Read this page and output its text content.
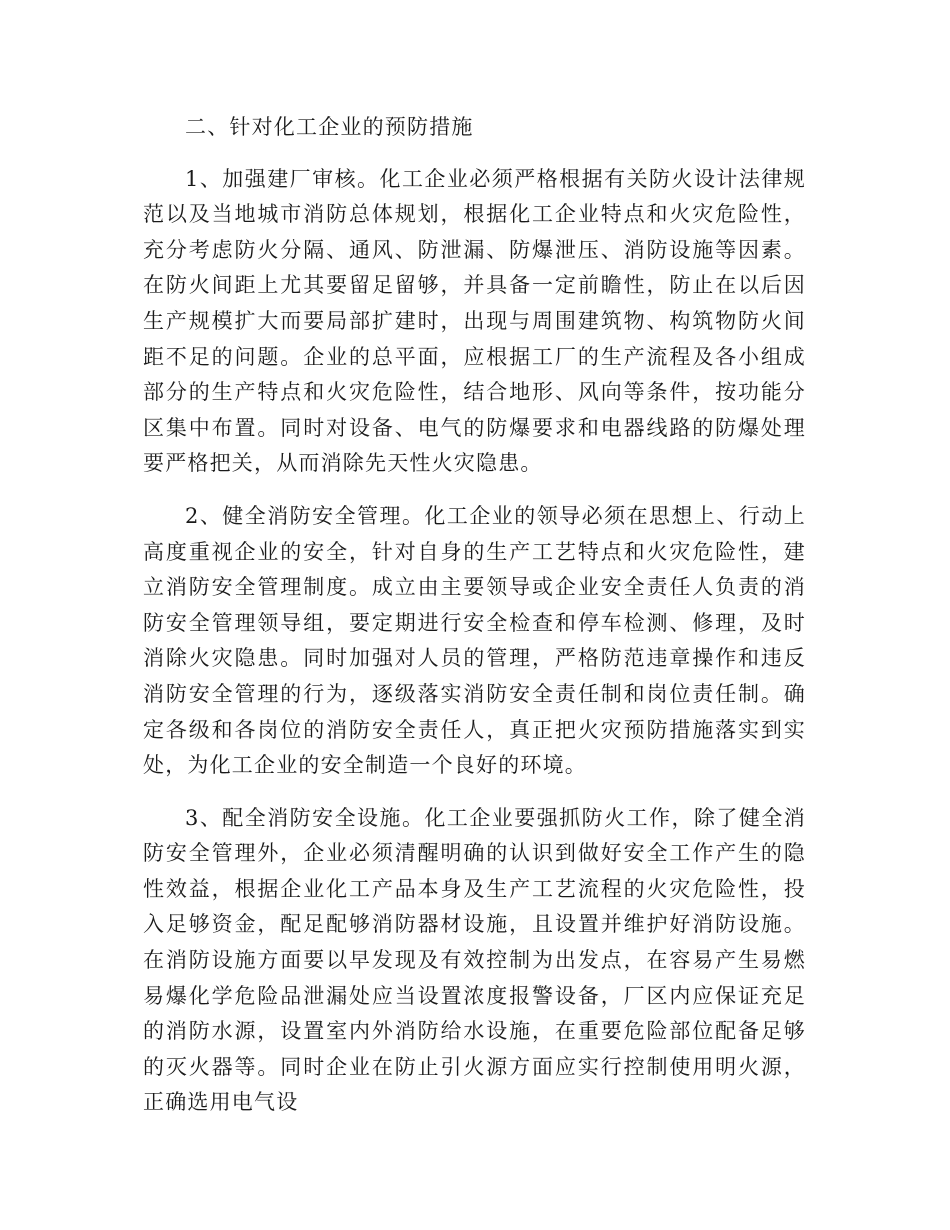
二、针对化工企业的预防措施

1、加强建厂审核。化工企业必须严格根据有关防火设计法律规范以及当地城市消防总体规划，根据化工企业特点和火灾危险性，充分考虑防火分隔、通风、防泄漏、防爆泄压、消防设施等因素。在防火间距上尤其要留足留够，并具备一定前瞻性，防止在以后因生产规模扩大而要局部扩建时，出现与周围建筑物、构筑物防火间距不足的问题。企业的总平面，应根据工厂的生产流程及各小组成部分的生产特点和火灾危险性，结合地形、风向等条件，按功能分区集中布置。同时对设备、电气的防爆要求和电器线路的防爆处理要严格把关，从而消除先天性火灾隐患。

2、健全消防安全管理。化工企业的领导必须在思想上、行动上高度重视企业的安全，针对自身的生产工艺特点和火灾危险性，建立消防安全管理制度。成立由主要领导或企业安全责任人负责的消防安全管理领导组，要定期进行安全检查和停车检测、修理，及时消除火灾隐患。同时加强对人员的管理，严格防范违章操作和违反消防安全管理的行为，逐级落实消防安全责任制和岗位责任制。确定各级和各岗位的消防安全责任人，真正把火灾预防措施落实到实处，为化工企业的安全制造一个良好的环境。

3、配全消防安全设施。化工企业要强抓防火工作，除了健全消防安全管理外，企业必须清醒明确的认识到做好安全工作产生的隐性效益，根据企业化工产品本身及生产工艺流程的火灾危险性，投入足够资金，配足配够消防器材设施，且设置并维护好消防设施。在消防设施方面要以早发现及有效控制为出发点，在容易产生易燃易爆化学危险品泄漏处应当设置浓度报警设备，厂区内应保证充足的消防水源，设置室内外消防给水设施，在重要危险部位配备足够的灭火器等。同时企业在防止引火源方面应实行控制使用明火源，正确选用电气设
